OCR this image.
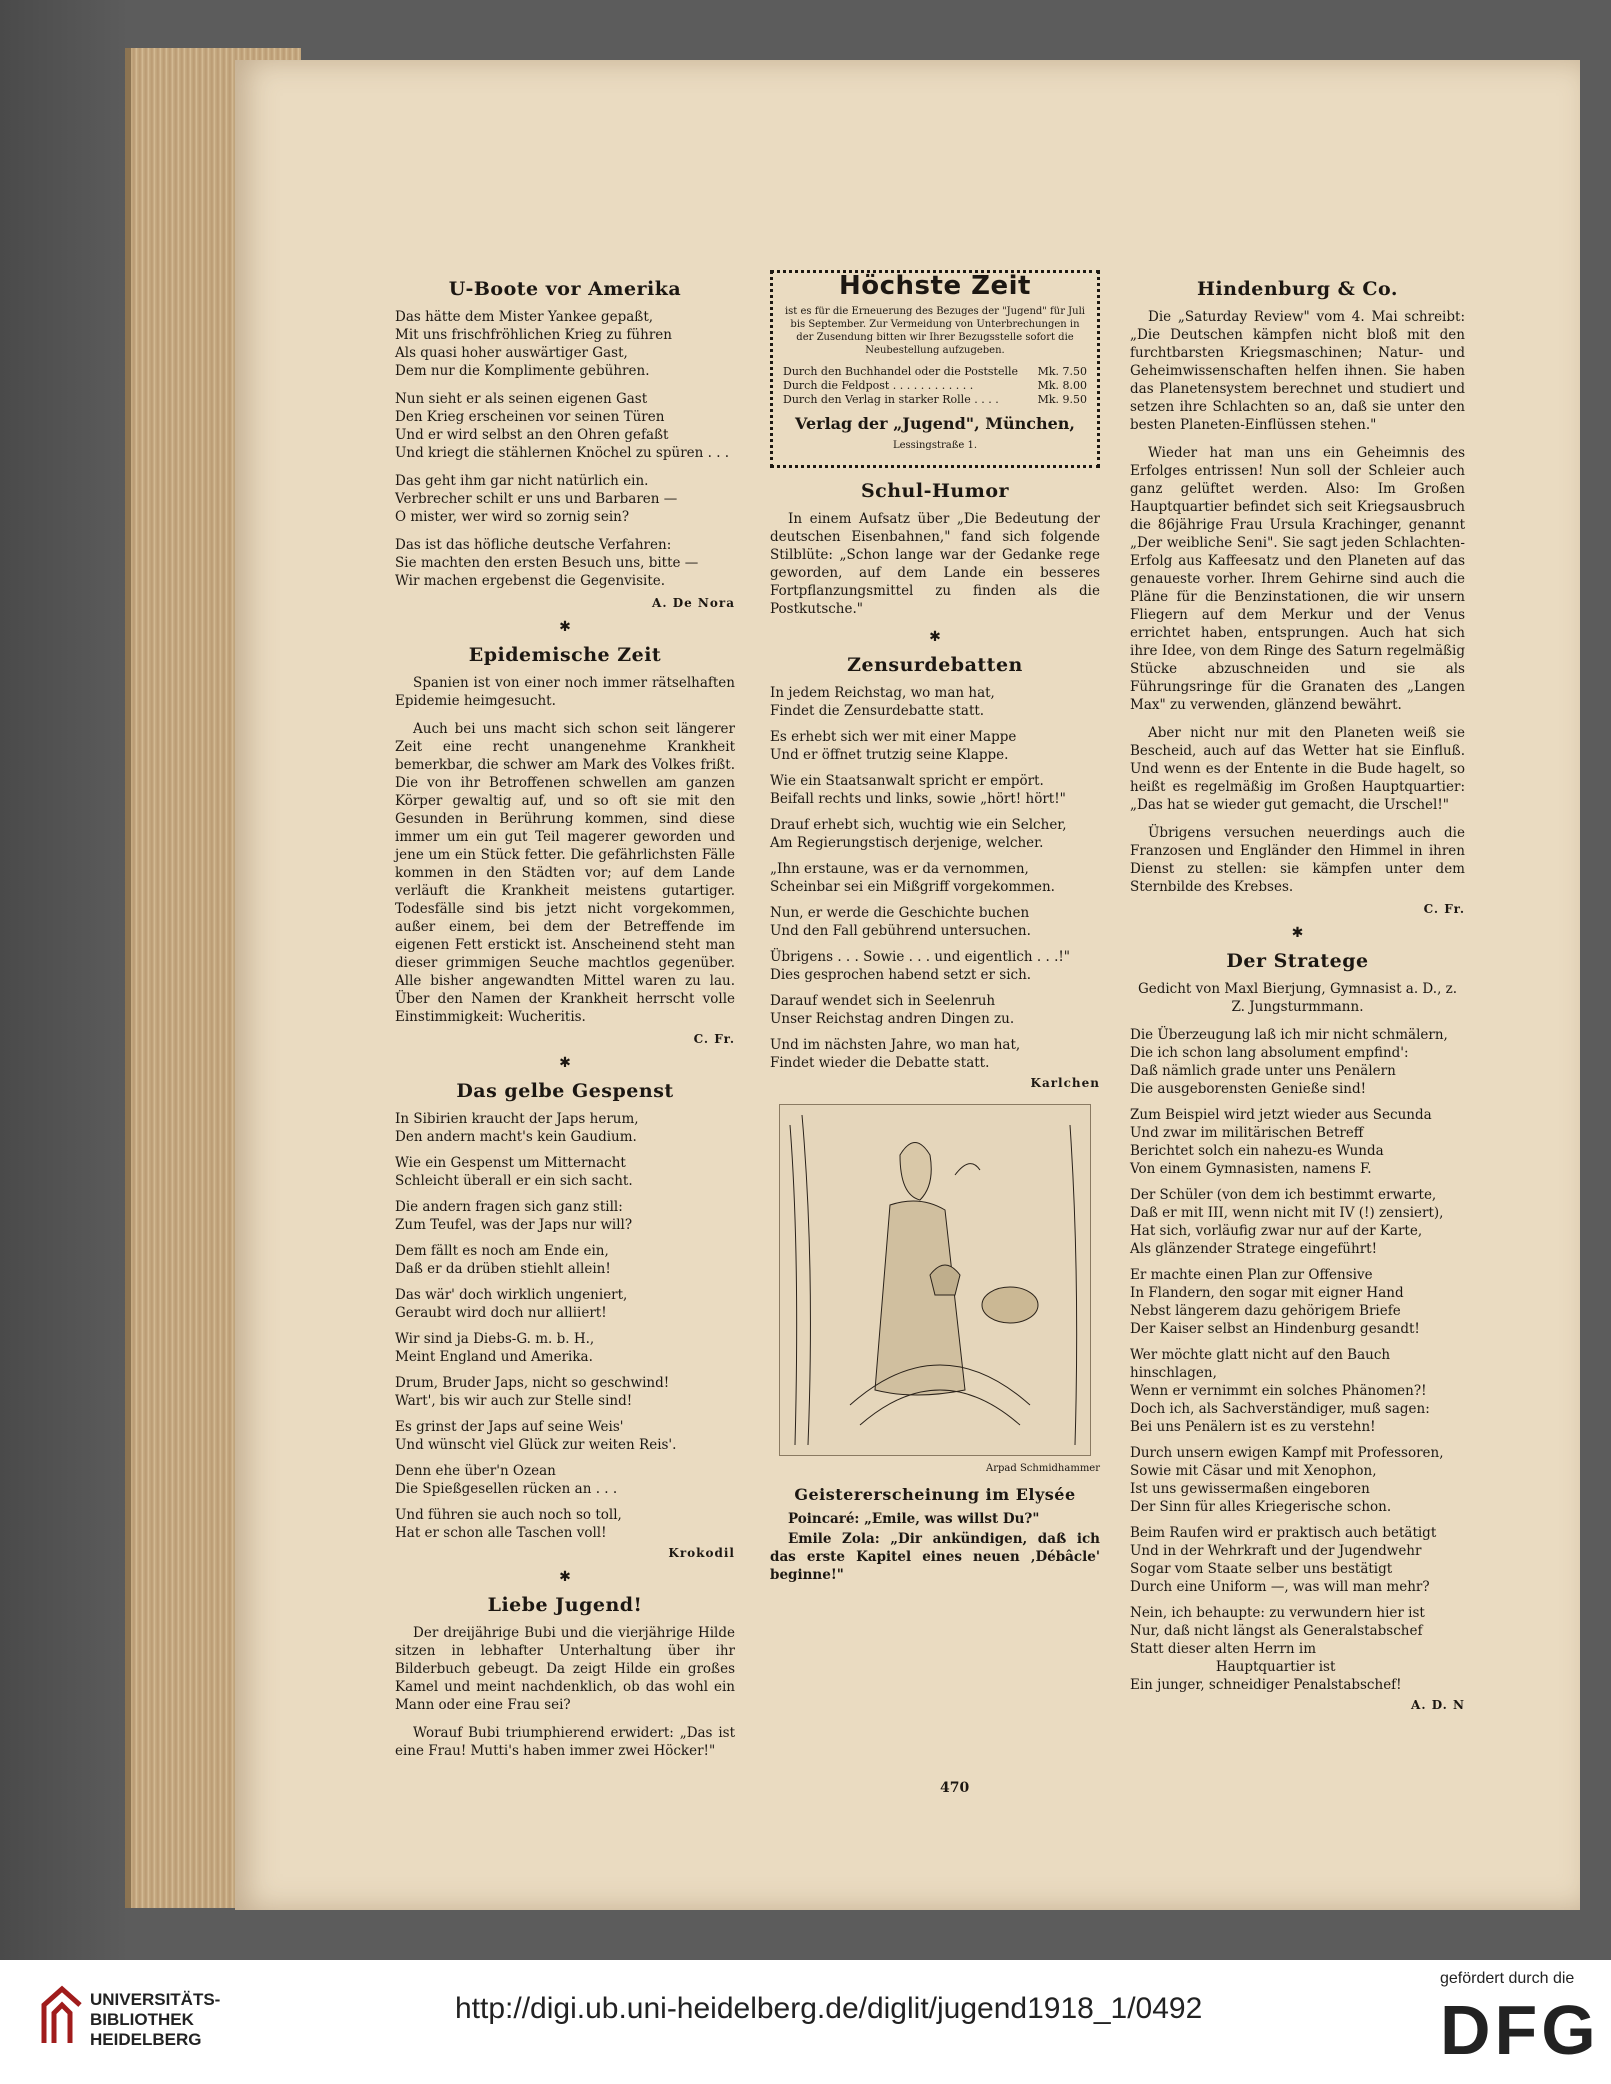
U-Boote vor Amerika

Das hätte dem Mister Yankee gepaßt,
Mit uns frischfröhlichen Krieg zu führen
Als quasi hoher auswärtiger Gast,
Dem nur die Komplimente gebühren.

Nun sieht er als seinen eigenen Gast
Den Krieg erscheinen vor seinen Türen
Und er wird selbst an den Ohren gefaßt
Und kriegt die stählernen Knöchel zu spüren . . .

Das geht ihm gar nicht natürlich ein.
Verbrecher schilt er uns und Barbaren —
O mister, wer wird so zornig sein?

Das ist das höfliche deutsche Verfahren:
Sie machten den ersten Besuch uns, bitte —
Wir machen ergebenst die Gegenvisite.

A. De Nora
✱
Epidemische Zeit

Spanien ist von einer noch immer rätselhaften Epidemie heimgesucht.

Auch bei uns macht sich schon seit längerer Zeit eine recht unangenehme Krankheit bemerkbar, die schwer am Mark des Volkes frißt. Die von ihr Betroffenen schwellen am ganzen Körper gewaltig auf, und so oft sie mit den Gesunden in Berührung kommen, sind diese immer um ein gut Teil magerer geworden und jene um ein Stück fetter. Die gefährlichsten Fälle kommen in den Städten vor; auf dem Lande verläuft die Krankheit meistens gutartiger. Todesfälle sind bis jetzt nicht vorgekommen, außer einem, bei dem der Betreffende im eigenen Fett erstickt ist. Anscheinend steht man dieser grimmigen Seuche machtlos gegenüber. Alle bisher angewandten Mittel waren zu lau. Über den Namen der Krankheit herrscht volle Einstimmigkeit: Wucheritis.

C. Fr.
✱
Das gelbe Gespenst

In Sibirien kraucht der Japs herum,
Den andern macht's kein Gaudium.

Wie ein Gespenst um Mitternacht
Schleicht überall er ein sich sacht.

Die andern fragen sich ganz still:
Zum Teufel, was der Japs nur will?

Dem fällt es noch am Ende ein,
Daß er da drüben stiehlt allein!

Das wär' doch wirklich ungeniert,
Geraubt wird doch nur alliiert!

Wir sind ja Diebs-G. m. b. H.,
Meint England und Amerika.

Drum, Bruder Japs, nicht so geschwind!
Wart', bis wir auch zur Stelle sind!

Es grinst der Japs auf seine Weis'
Und wünscht viel Glück zur weiten Reis'.

Denn ehe über'n Ozean
Die Spießgesellen rücken an . . .

Und führen sie auch noch so toll,
Hat er schon alle Taschen voll!

Krokodil
✱
Liebe Jugend!

Der dreijährige Bubi und die vierjährige Hilde sitzen in lebhafter Unterhaltung über ihr Bilderbuch gebeugt. Da zeigt Hilde ein großes Kamel und meint nachdenklich, ob das wohl ein Mann oder eine Frau sei?

Worauf Bubi triumphierend erwidert: „Das ist eine Frau! Mutti's haben immer zwei Höcker!"

Höchste Zeit
ist es für die Erneuerung des Bezuges der "Jugend" für Juli bis September. Zur Vermeidung von Unterbrechungen in der Zusendung bitten wir Ihrer Bezugsstelle sofort die Neubestellung aufzugeben.
Durch den Buchhandel oder die Poststelle Mk. 7.50
Durch die Feldpost . . . . . . . . . . . .	Mk. 8.00
Durch den Verlag in starker Rolle . . . .	Mk. 9.50
Verlag der „Jugend", München,
Lessingstraße 1.
Schul-Humor

In einem Aufsatz über „Die Bedeutung der deutschen Eisenbahnen," fand sich folgende Stilblüte: „Schon lange war der Gedanke rege geworden, auf dem Lande ein besseres Fortpflanzungsmittel zu finden als die Postkutsche."

✱
Zensurdebatten

In jedem Reichstag, wo man hat,
Findet die Zensurdebatte statt.

Es erhebt sich wer mit einer Mappe
Und er öffnet trutzig seine Klappe.

Wie ein Staatsanwalt spricht er empört.
Beifall rechts und links, sowie „hört! hört!"

Drauf erhebt sich, wuchtig wie ein Selcher,
Am Regierungstisch derjenige, welcher.

„Ihn erstaune, was er da vernommen,
Scheinbar sei ein Mißgriff vorgekommen.

Nun, er werde die Geschichte buchen
Und den Fall gebührend untersuchen.

Übrigens . . . Sowie . . . und eigentlich . . .!"
Dies gesprochen habend setzt er sich.

Darauf wendet sich in Seelenruh
Unser Reichstag andren Dingen zu.

Und im nächsten Jahre, wo man hat,
Findet wieder die Debatte statt.

Karlchen
Arpad Schmidhammer
Geistererscheinung im Elysée

Poincaré: „Emile, was willst Du?"

Emile Zola: „Dir ankündigen, daß ich das erste Kapitel eines neuen ‚Débâcle' beginne!"

Hindenburg & Co.

Die „Saturday Review" vom 4. Mai schreibt: „Die Deutschen kämpfen nicht bloß mit den furchtbarsten Kriegsmaschinen; Natur- und Geheimwissenschaften helfen ihnen. Sie haben das Planetensystem berechnet und studiert und setzen ihre Schlachten so an, daß sie unter den besten Planeten-Einflüssen stehen."

Wieder hat man uns ein Geheimnis des Erfolges entrissen! Nun soll der Schleier auch ganz gelüftet werden. Also: Im Großen Hauptquartier befindet sich seit Kriegsausbruch die 86jährige Frau Ursula Krachinger, genannt „Der weibliche Seni". Sie sagt jeden Schlachten-Erfolg aus Kaffeesatz und den Planeten auf das genaueste vorher. Ihrem Gehirne sind auch die Pläne für die Benzinstationen, die wir unsern Fliegern auf dem Merkur und der Venus errichtet haben, entsprungen. Auch hat sich ihre Idee, von dem Ringe des Saturn regelmäßig Stücke abzuschneiden und sie als Führungsringe für die Granaten des „Langen Max" zu verwenden, glänzend bewährt.

Aber nicht nur mit den Planeten weiß sie Bescheid, auch auf das Wetter hat sie Einfluß. Und wenn es der Entente in die Bude hagelt, so heißt es regelmäßig im Großen Hauptquartier: „Das hat se wieder gut gemacht, die Urschel!"

Übrigens versuchen neuerdings auch die Franzosen und Engländer den Himmel in ihren Dienst zu stellen: sie kämpfen unter dem Sternbilde des Krebses.

C. Fr.
✱
Der Stratege

Gedicht von Maxl Bierjung, Gymnasist a. D., z. Z. Jungsturmmann.

Die Überzeugung laß ich mir nicht schmälern,
Die ich schon lang absolument empfind':
Daß nämlich grade unter uns Penälern
Die ausgeborensten Genieße sind!

Zum Beispiel wird jetzt wieder aus Secunda
Und zwar im militärischen Betreff
Berichtet solch ein nahezu-es Wunda
Von einem Gymnasisten, namens F.

Der Schüler (von dem ich bestimmt erwarte,
Daß er mit III, wenn nicht mit IV (!) zensiert),
Hat sich, vorläufig zwar nur auf der Karte,
Als glänzender Stratege eingeführt!

Er machte einen Plan zur Offensive
In Flandern, den sogar mit eigner Hand
Nebst längerem dazu gehörigem Briefe
Der Kaiser selbst an Hindenburg gesandt!

Wer möchte glatt nicht auf den Bauch hinschlagen,
Wenn er vernimmt ein solches Phänomen?!
Doch ich, als Sachverständiger, muß sagen:
Bei uns Penälern ist es zu verstehn!

Durch unsern ewigen Kampf mit Professoren,
Sowie mit Cäsar und mit Xenophon,
Ist uns gewissermaßen eingeboren
Der Sinn für alles Kriegerische schon.

Beim Raufen wird er praktisch auch betätigt
Und in der Wehrkraft und der Jugendwehr
Sogar vom Staate selber uns bestätigt
Durch eine Uniform —, was will man mehr?

Nein, ich behaupte: zu verwundern hier ist
Nur, daß nicht längst als Generalstabschef
Statt dieser alten Herrn im
Hauptquartier ist
Ein junger, schneidiger Penalstabschef!

A. D. N
470
UNIVERSITÄTS-
BIBLIOTHEK
HEIDELBERG
http://digi.ub.uni-heidelberg.de/diglit/jugend1918_1/0492
gefördert durch die
DFG
